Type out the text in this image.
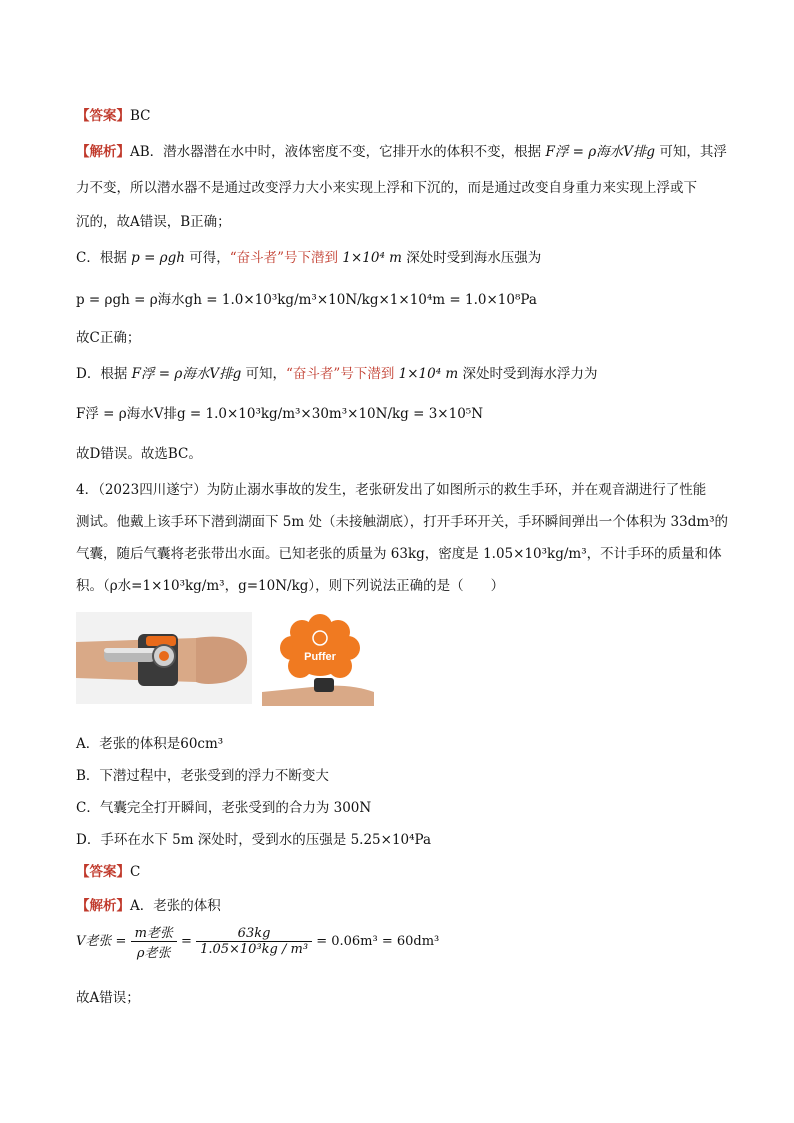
【答案】BC
【解析】AB．潜水器潜在水中时，液体密度不变，它排开水的体积不变，根据 F浮 = ρ海水V排g 可知，其浮
力不变，所以潜水器不是通过改变浮力大小来实现上浮和下沉的，而是通过改变自身重力来实现上浮或下
沉的，故A错误，B正确；
C．根据 p = ρgh 可得，“奋斗者”号下潜到 1×10⁴ m 深处时受到海水压强为
p = ρgh = ρ海水gh = 1.0×10³kg/m³×10N/kg×1×10⁴m = 1.0×10⁸Pa
故C正确；
D．根据 F浮 = ρ海水V排g 可知，“奋斗者”号下潜到 1×10⁴ m 深处时受到海水浮力为
F浮 = ρ海水V排g = 1.0×10³kg/m³×30m³×10N/kg = 3×10⁵N
故D错误。故选BC。
4．（2023四川遂宁）为防止溺水事故的发生，老张研发出了如图所示的救生手环，并在观音湖进行了性能
测试。他戴上该手环下潜到湖面下 5m 处（未接触湖底），打开手环开关，手环瞬间弹出一个体积为 33dm³的
气囊，随后气囊将老张带出水面。已知老张的质量为 63kg，密度是 1.05×10³kg/m³，不计手环的质量和体
积。（ρ水=1×10³kg/m³，g=10N/kg），则下列说法正确的是（　　）
Puffer
A．老张的体积是60cm³
B．下潜过程中，老张受到的浮力不断变大
C．气囊完全打开瞬间，老张受到的合力为 300N
D．手环在水下 5m 深处时，受到水的压强是 5.25×10⁴Pa
【答案】C
【解析】A．老张的体积
V老张 = $\frac{\text{m老张}}{\text{ρ老张}} = \frac{63kg}{\text{1.05×10³kg / m³}} = 0.06m^3 = 60dm^3$
故A错误；
